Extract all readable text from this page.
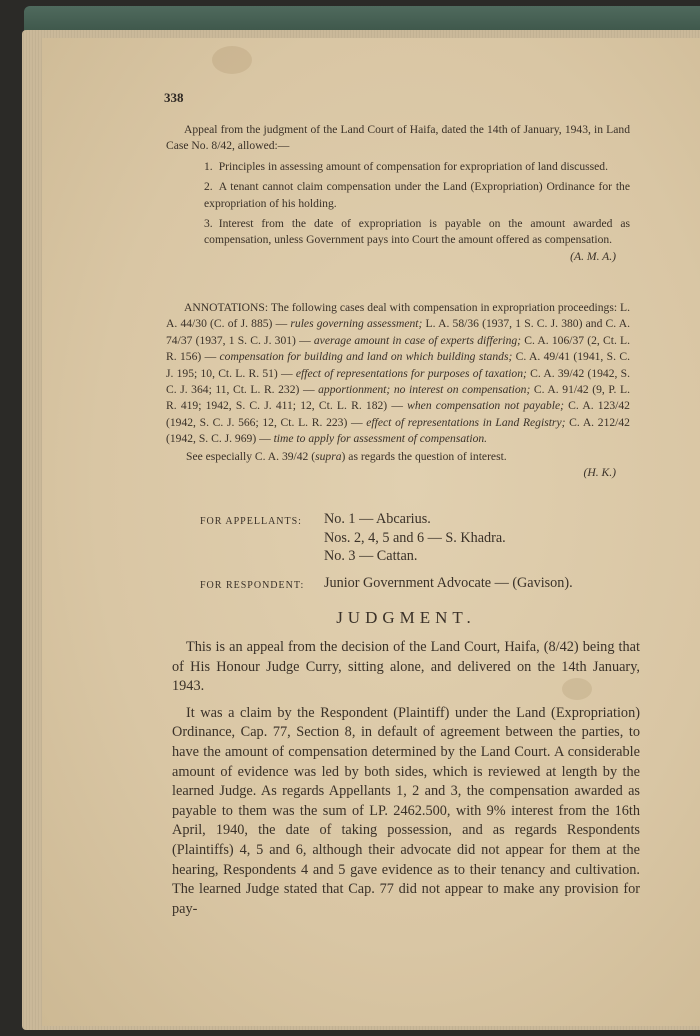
338
Appeal from the judgment of the Land Court of Haifa, dated the 14th of January, 1943, in Land Case No. 8/42, allowed:—
1. Principles in assessing amount of compensation for expropriation of land discussed.
2. A tenant cannot claim compensation under the Land (Expropriation) Ordinance for the expropriation of his holding.
3. Interest from the date of expropriation is payable on the amount awarded as compensation, unless Government pays into Court the amount offered as compensation.
(A. M. A.)
ANNOTATIONS: The following cases deal with compensation in expropriation proceedings: L. A. 44/30 (C. of J. 885) — rules governing assessment; L. A. 58/36 (1937, 1 S. C. J. 380) and C. A. 74/37 (1937, 1 S. C. J. 301) — average amount in case of experts differing; C. A. 106/37 (2, Ct. L. R. 156) — compensation for building and land on which building stands; C. A. 49/41 (1941, S. C. J. 195; 10, Ct. L. R. 51) — effect of representations for purposes of taxation; C. A. 39/42 (1942, S. C. J. 364; 11, Ct. L. R. 232) — apportionment; no interest on compensation; C. A. 91/42 (9, P. L. R. 419; 1942, S. C. J. 411; 12, Ct. L. R. 182) — when compensation not payable; C. A. 123/42 (1942, S. C. J. 566; 12, Ct. L. R. 223) — effect of representations in Land Registry; C. A. 212/42 (1942, S. C. J. 969) — time to apply for assessment of compensation.
See especially C. A. 39/42 (supra) as regards the question of interest.
(H. K.)
FOR APPELLANTS:	No. 1 — Abcarius.
Nos. 2, 4, 5 and 6 — S. Khadra.
No. 3 — Cattan.
FOR RESPONDENT:	Junior Government Advocate — (Gavison).
JUDGMENT.

This is an appeal from the decision of the Land Court, Haifa, (8/42) being that of His Honour Judge Curry, sitting alone, and delivered on the 14th January, 1943.

It was a claim by the Respondent (Plaintiff) under the Land (Expropriation) Ordinance, Cap. 77, Section 8, in default of agreement between the parties, to have the amount of compensation determined by the Land Court. A considerable amount of evidence was led by both sides, which is reviewed at length by the learned Judge. As regards Appellants 1, 2 and 3, the compensation awarded as payable to them was the sum of LP. 2462.500, with 9% interest from the 16th April, 1940, the date of taking possession, and as regards Respondents (Plaintiffs) 4, 5 and 6, although their advocate did not appear for them at the hearing, Respondents 4 and 5 gave evidence as to their tenancy and cultivation. The learned Judge stated that Cap. 77 did not appear to make any provision for pay-
